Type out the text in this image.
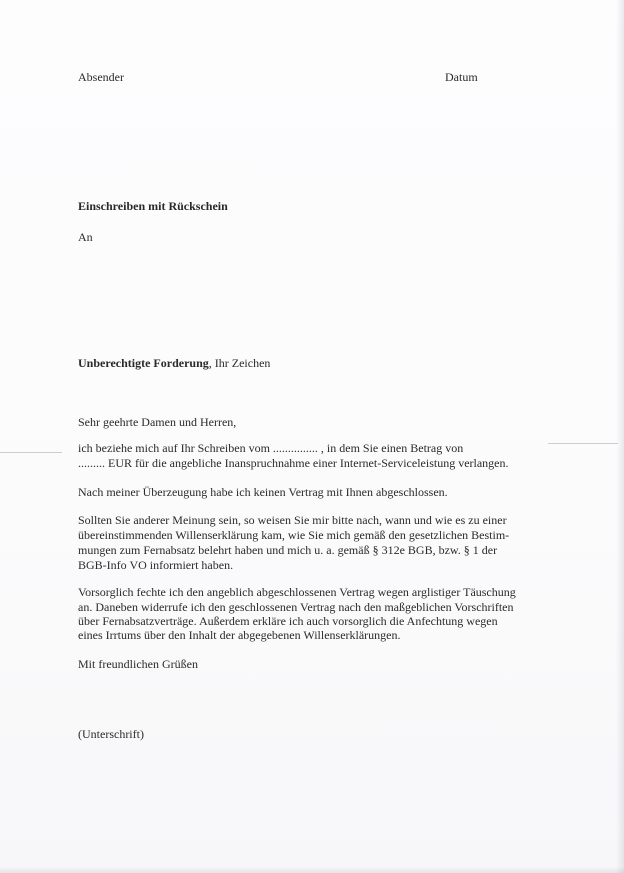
Absender	Datum
Einschreiben mit Rückschein
An
Unberechtigte Forderung, Ihr Zeichen
Sehr geehrte Damen und Herren,
ich beziehe mich auf Ihr Schreiben vom ............... , in dem Sie einen Betrag von
......... EUR für die angebliche Inanspruchnahme einer Internet-Serviceleistung verlangen.
Nach meiner Überzeugung habe ich keinen Vertrag mit Ihnen abgeschlossen.
Sollten Sie anderer Meinung sein, so weisen Sie mir bitte nach, wann und wie es zu einer
übereinstimmenden Willenserklärung kam, wie Sie mich gemäß den gesetzlichen Bestim-
mungen zum Fernabsatz belehrt haben und mich u. a. gemäß § 312e BGB, bzw. § 1 der
BGB-Info VO informiert haben.
Vorsorglich fechte ich den angeblich abgeschlossenen Vertrag wegen arglistiger Täuschung
an. Daneben widerrufe ich den geschlossenen Vertrag nach den maßgeblichen Vorschriften
über Fernabsatzverträge. Außerdem erkläre ich auch vorsorglich die Anfechtung wegen
eines Irrtums über den Inhalt der abgegebenen Willenserklärungen.
Mit freundlichen Grüßen
(Unterschrift)
